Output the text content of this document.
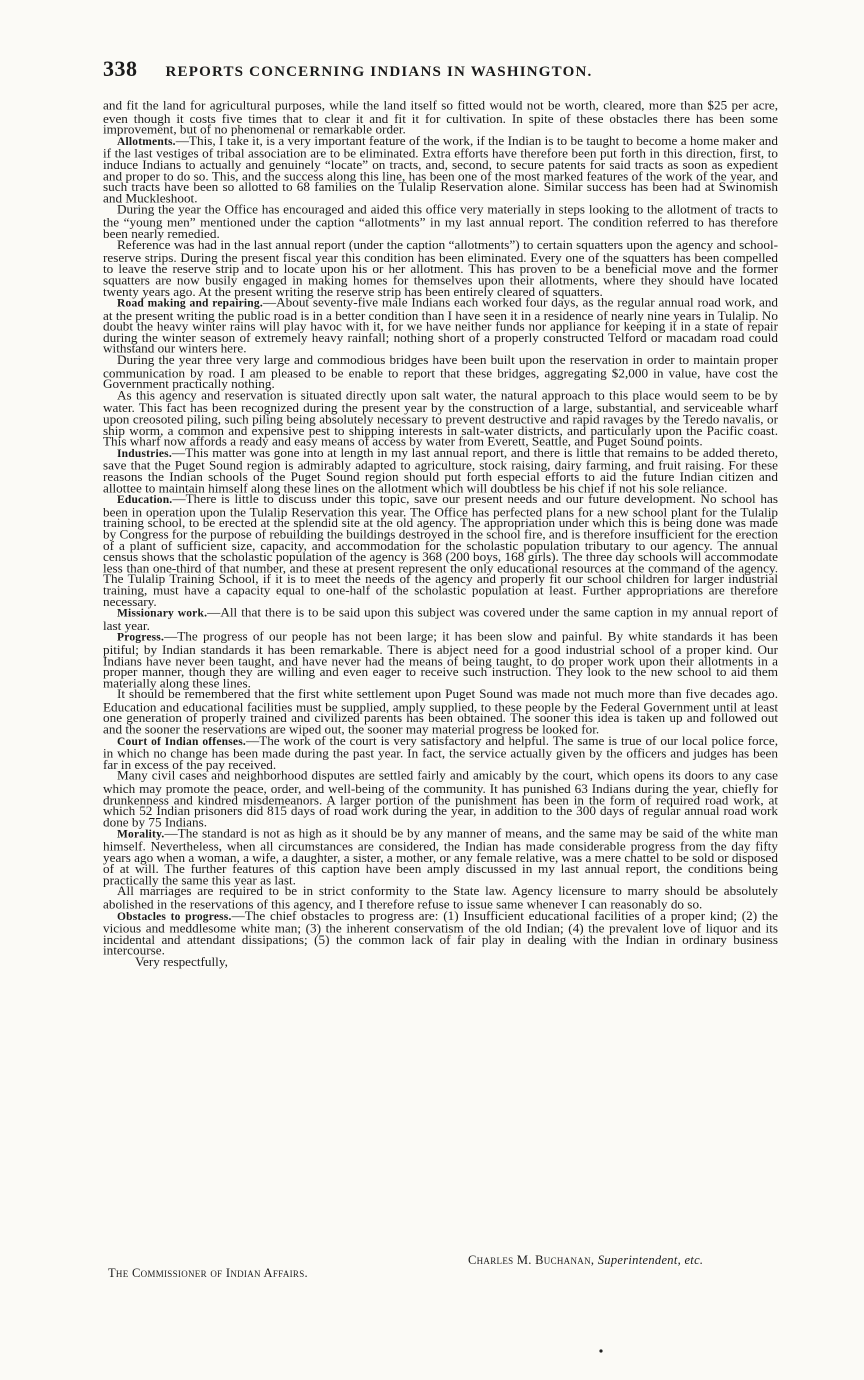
338 REPORTS CONCERNING INDIANS IN WASHINGTON.

and fit the land for agricultural purposes, while the land itself so fitted would not be worth, cleared, more than $25 per acre, even though it costs five times that to clear it and fit it for cultivation. In spite of these obstacles there has been some improvement, but of no phenomenal or remarkable order.

Allotments.—This, I take it, is a very important feature of the work, if the Indian is to be taught to become a home maker and if the last vestiges of tribal association are to be eliminated. Extra efforts have therefore been put forth in this direction, first, to induce Indians to actually and genuinely “locate” on tracts, and, second, to secure patents for said tracts as soon as expedient and proper to do so. This, and the success along this line, has been one of the most marked features of the work of the year, and such tracts have been so allotted to 68 families on the Tulalip Reservation alone. Similar success has been had at Swinomish and Muckleshoot.

During the year the Office has encouraged and aided this office very materially in steps looking to the allotment of tracts to the “young men” mentioned under the caption “allotments” in my last annual report. The condition referred to has therefore been nearly remedied.

Reference was had in the last annual report (under the caption “allotments”) to certain squatters upon the agency and school-reserve strips. During the present fiscal year this condition has been eliminated. Every one of the squatters has been compelled to leave the reserve strip and to locate upon his or her allotment. This has proven to be a beneficial move and the former squatters are now busily engaged in making homes for themselves upon their allotments, where they should have located twenty years ago. At the present writing the reserve strip has been entirely cleared of squatters.

Road making and repairing.—About seventy-five male Indians each worked four days, as the regular annual road work, and at the present writing the public road is in a better condition than I have seen it in a residence of nearly nine years in Tulalip. No doubt the heavy winter rains will play havoc with it, for we have neither funds nor appliance for keeping it in a state of repair during the winter season of extremely heavy rainfall; nothing short of a properly constructed Telford or macadam road could withstand our winters here.

During the year three very large and commodious bridges have been built upon the reservation in order to maintain proper communication by road. I am pleased to be enable to report that these bridges, aggregating $2,000 in value, have cost the Government practically nothing.

As this agency and reservation is situated directly upon salt water, the natural approach to this place would seem to be by water. This fact has been recognized during the present year by the construction of a large, substantial, and serviceable wharf upon creosoted piling, such piling being absolutely necessary to prevent destructive and rapid ravages by the Teredo navalis, or ship worm, a common and expensive pest to shipping interests in salt-water districts, and particularly upon the Pacific coast. This wharf now affords a ready and easy means of access by water from Everett, Seattle, and Puget Sound points.

Industries.—This matter was gone into at length in my last annual report, and there is little that remains to be added thereto, save that the Puget Sound region is admirably adapted to agriculture, stock raising, dairy farming, and fruit raising. For these reasons the Indian schools of the Puget Sound region should put forth especial efforts to aid the future Indian citizen and allottee to maintain himself along these lines on the allotment which will doubtless be his chief if not his sole reliance.

Education.—There is little to discuss under this topic, save our present needs and our future development. No school has been in operation upon the Tulalip Reservation this year. The Office has perfected plans for a new school plant for the Tulalip training school, to be erected at the splendid site at the old agency. The appropriation under which this is being done was made by Congress for the purpose of rebuilding the buildings destroyed in the school fire, and is therefore insufficient for the erection of a plant of sufficient size, capacity, and accommodation for the scholastic population tributary to our agency. The annual census shows that the scholastic population of the agency is 368 (200 boys, 168 girls). The three day schools will accommodate less than one-third of that number, and these at present represent the only educational resources at the command of the agency. The Tulalip Training School, if it is to meet the needs of the agency and properly fit our school children for larger industrial training, must have a capacity equal to one-half of the scholastic population at least. Further appropriations are therefore necessary.

Missionary work.—All that there is to be said upon this subject was covered under the same caption in my annual report of last year.

Progress.—The progress of our people has not been large; it has been slow and painful. By white standards it has been pitiful; by Indian standards it has been remarkable. There is abject need for a good industrial school of a proper kind. Our Indians have never been taught, and have never had the means of being taught, to do proper work upon their allotments in a proper manner, though they are willing and even eager to receive such instruction. They look to the new school to aid them materially along these lines.

It should be remembered that the first white settlement upon Puget Sound was made not much more than five decades ago. Education and educational facilities must be supplied, amply supplied, to these people by the Federal Government until at least one generation of properly trained and civilized parents has been obtained. The sooner this idea is taken up and followed out and the sooner the reservations are wiped out, the sooner may material progress be looked for.

Court of Indian offenses.—The work of the court is very satisfactory and helpful. The same is true of our local police force, in which no change has been made during the past year. In fact, the service actually given by the officers and judges has been far in excess of the pay received.

Many civil cases and neighborhood disputes are settled fairly and amicably by the court, which opens its doors to any case which may promote the peace, order, and well-being of the community. It has punished 63 Indians during the year, chiefly for drunkenness and kindred misdemeanors. A larger portion of the punishment has been in the form of required road work, at which 52 Indian prisoners did 815 days of road work during the year, in addition to the 300 days of regular annual road work done by 75 Indians.

Morality.—The standard is not as high as it should be by any manner of means, and the same may be said of the white man himself. Nevertheless, when all circumstances are considered, the Indian has made considerable progress from the day fifty years ago when a woman, a wife, a daughter, a sister, a mother, or any female relative, was a mere chattel to be sold or disposed of at will. The further features of this caption have been amply discussed in my last annual report, the conditions being practically the same this year as last.

All marriages are required to be in strict conformity to the State law. Agency licensure to marry should be absolutely abolished in the reservations of this agency, and I therefore refuse to issue same whenever I can reasonably do so.

Obstacles to progress.—The chief obstacles to progress are: (1) Insufficient educational facilities of a proper kind; (2) the vicious and meddlesome white man; (3) the inherent conservatism of the old Indian; (4) the prevalent love of liquor and its incidental and attendant dissipations; (5) the common lack of fair play in dealing with the Indian in ordinary business intercourse.

Very respectfully,

Charles M. Buchanan, Superintendent, etc.
The Commissioner of Indian Affairs.
